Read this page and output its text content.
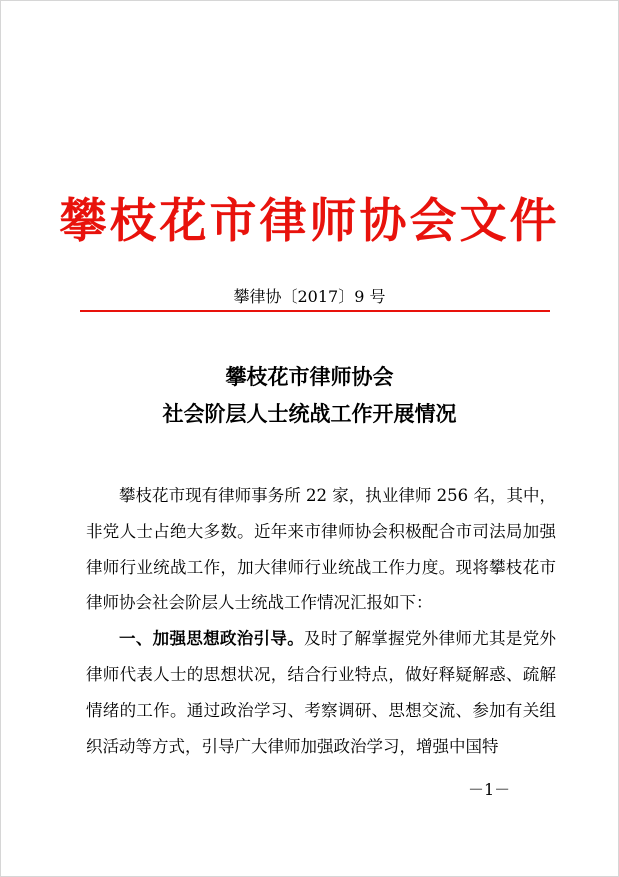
攀枝花市律师协会文件
攀律协〔2017〕9 号
攀枝花市律师协会
社会阶层人士统战工作开展情况

攀枝花市现有律师事务所 22 家，执业律师 256 名，其中，非党人士占绝大多数。近年来市律师协会积极配合市司法局加强律师行业统战工作，加大律师行业统战工作力度。现将攀枝花市律师协会社会阶层人士统战工作情况汇报如下：

一、加强思想政治引导。及时了解掌握党外律师尤其是党外律师代表人士的思想状况，结合行业特点，做好释疑解惑、疏解情绪的工作。通过政治学习、考察调研、思想交流、参加有关组织活动等方式，引导广大律师加强政治学习，增强中国特

－1－
